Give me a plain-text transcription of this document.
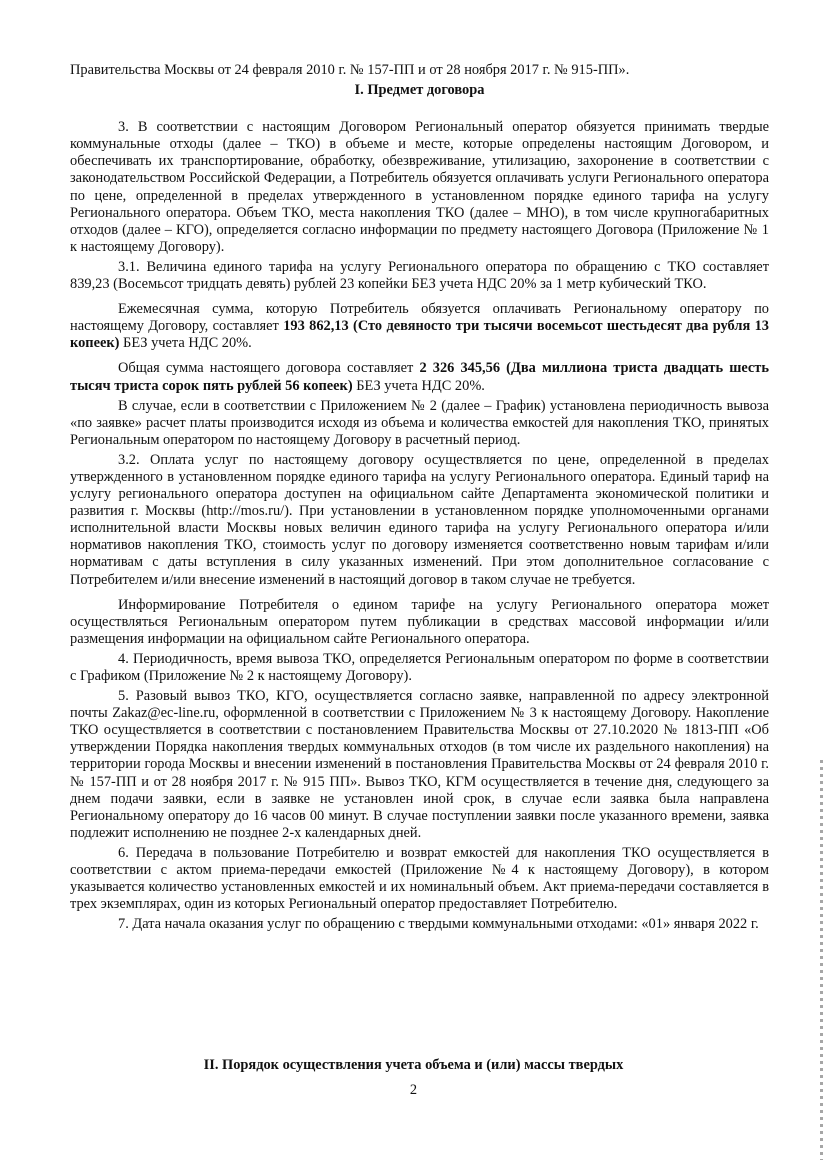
Правительства Москвы от 24 февраля 2010 г. № 157-ПП и от 28 ноября 2017 г. № 915-ПП».
I. Предмет договора
3. В соответствии с настоящим Договором Региональный оператор обязуется принимать твердые коммунальные отходы (далее – ТКО) в объеме и месте, которые определены настоящим Договором, и обеспечивать их транспортирование, обработку, обезвреживание, утилизацию, захоронение в соответствии с законодательством Российской Федерации, а Потребитель обязуется оплачивать услуги Регионального оператора по цене, определенной в пределах утвержденного в установленном порядке единого тарифа на услугу Регионального оператора. Объем ТКО, места накопления ТКО (далее – МНО), в том числе крупногабаритных отходов (далее – КГО), определяется согласно информации по предмету настоящего Договора (Приложение № 1 к настоящему Договору).
3.1. Величина единого тарифа на услугу Регионального оператора по обращению с ТКО составляет 839,23 (Восемьсот тридцать девять) рублей 23 копейки БЕЗ учета НДС 20% за 1 метр кубический ТКО.
Ежемесячная сумма, которую Потребитель обязуется оплачивать Региональному оператору по настоящему Договору, составляет 193 862,13 (Сто девяносто три тысячи восемьсот шестьдесят два рубля 13 копеек) БЕЗ учета НДС 20%.
Общая сумма настоящего договора составляет 2 326 345,56 (Два миллиона триста двадцать шесть тысяч триста сорок пять рублей 56 копеек) БЕЗ учета НДС 20%.
В случае, если в соответствии с Приложением № 2 (далее – График) установлена периодичность вывоза «по заявке» расчет платы производится исходя из объема и количества емкостей для накопления ТКО, принятых Региональным оператором по настоящему Договору в расчетный период.
3.2. Оплата услуг по настоящему договору осуществляется по цене, определенной в пределах утвержденного в установленном порядке единого тарифа на услугу Регионального оператора. Единый тариф на услугу регионального оператора доступен на официальном сайте Департамента экономической политики и развития г. Москвы (http://mos.ru/). При установлении в установленном порядке уполномоченными органами исполнительной власти Москвы новых величин единого тарифа на услугу Регионального оператора и/или нормативов накопления ТКО, стоимость услуг по договору изменяется соответственно новым тарифам и/или нормативам с даты вступления в силу указанных изменений. При этом дополнительное согласование с Потребителем и/или внесение изменений в настоящий договор в таком случае не требуется.
Информирование Потребителя о едином тарифе на услугу Регионального оператора может осуществляться Региональным оператором путем публикации в средствах массовой информации и/или размещения информации на официальном сайте Регионального оператора.
4. Периодичность, время вывоза ТКО, определяется Региональным оператором по форме в соответствии с Графиком (Приложение № 2 к настоящему Договору).
5. Разовый вывоз ТКО, КГО, осуществляется согласно заявке, направленной по адресу электронной почты Zakaz@ec-line.ru, оформленной в соответствии с Приложением № 3 к настоящему Договору. Накопление ТКО осуществляется в соответствии с постановлением Правительства Москвы от 27.10.2020 № 1813-ПП «Об утверждении Порядка накопления твердых коммунальных отходов (в том числе их раздельного накопления) на территории города Москвы и внесении изменений в постановления Правительства Москвы от 24 февраля 2010 г. № 157-ПП и от 28 ноября 2017 г. № 915 ПП». Вывоз ТКО, КГМ осуществляется в течение дня, следующего за днем подачи заявки, если в заявке не установлен иной срок, в случае если заявка была направлена Региональному оператору до 16 часов 00 минут. В случае поступлении заявки после указанного времени, заявка подлежит исполнению не позднее 2-х календарных дней.
6. Передача в пользование Потребителю и возврат емкостей для накопления ТКО осуществляется в соответствии с актом приема-передачи емкостей (Приложение №4 к настоящему Договору), в котором указывается количество установленных емкостей и их номинальный объем. Акт приема-передачи составляется в трех экземплярах, один из которых Региональный оператор предоставляет Потребителю.
7. Дата начала оказания услуг по обращению с твердыми коммунальными отходами: «01» января 2022 г.
II. Порядок осуществления учета объема и (или) массы твердых
2
